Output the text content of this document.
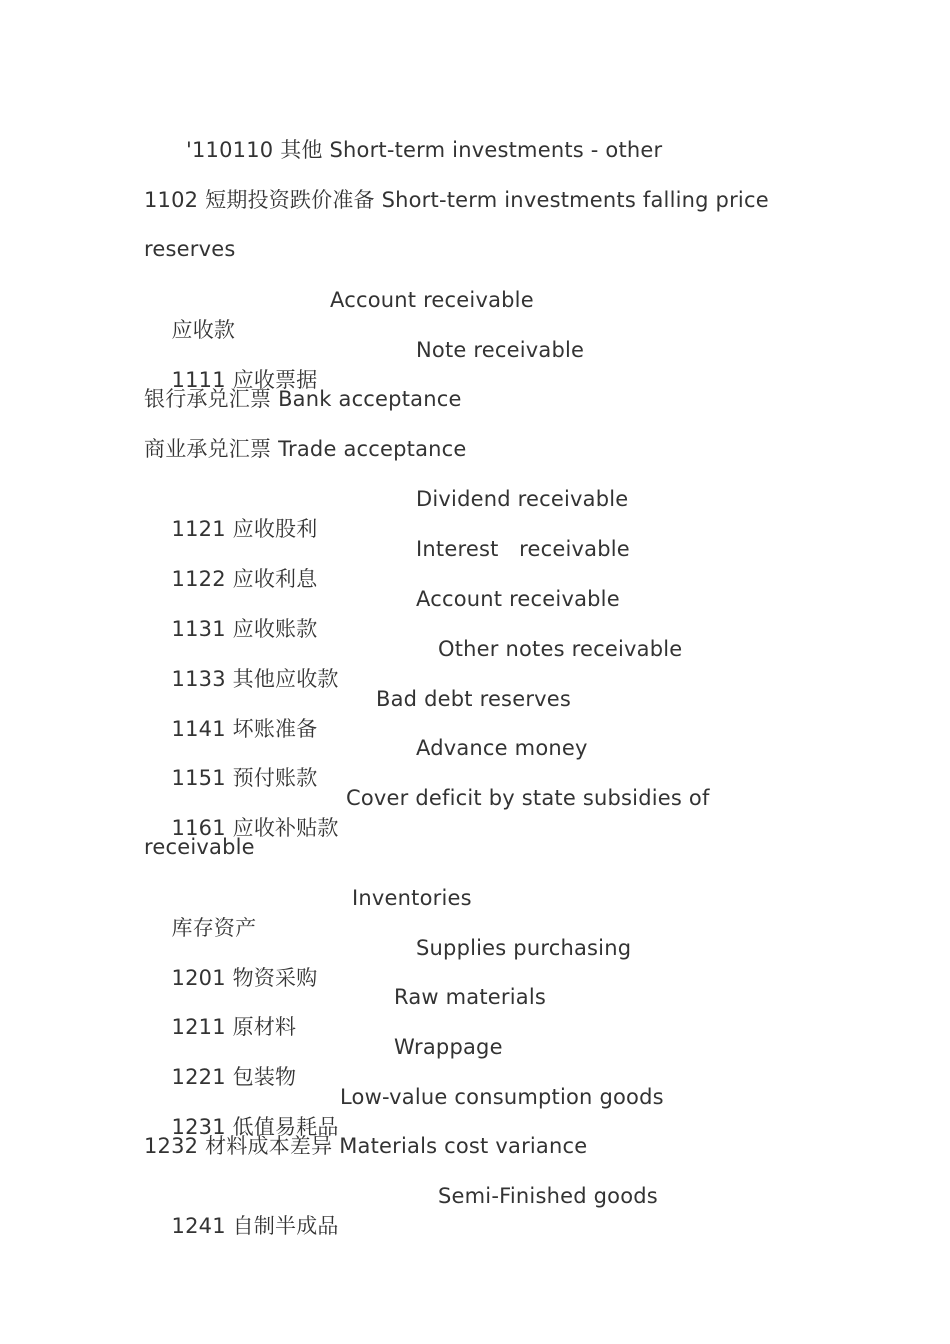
'110110 其他 Short-term investments - other
1102 短期投资跌价准备 Short-term investments falling price
reserves

应收款

Account receivable

1111 应收票据

Note receivable

银行承兑汇票 Bank acceptance
商业承兑汇票 Trade acceptance

1121 应收股利

Dividend receivable

1122 应收利息

Interest   receivable

1131 应收账款

Account receivable

1133 其他应收款

Other notes receivable

1141 坏账准备

Bad debt reserves

1151 预付账款

Advance money

1161 应收补贴款

Cover deficit by state subsidies of

receivable

库存资产

Inventories

1201 物资采购

Supplies purchasing

1211 原材料

Raw materials

1221 包装物

Wrappage

1231 低值易耗品

Low-value consumption goods

1232 材料成本差异 Materials cost variance

1241 自制半成品

Semi-Finished goods
